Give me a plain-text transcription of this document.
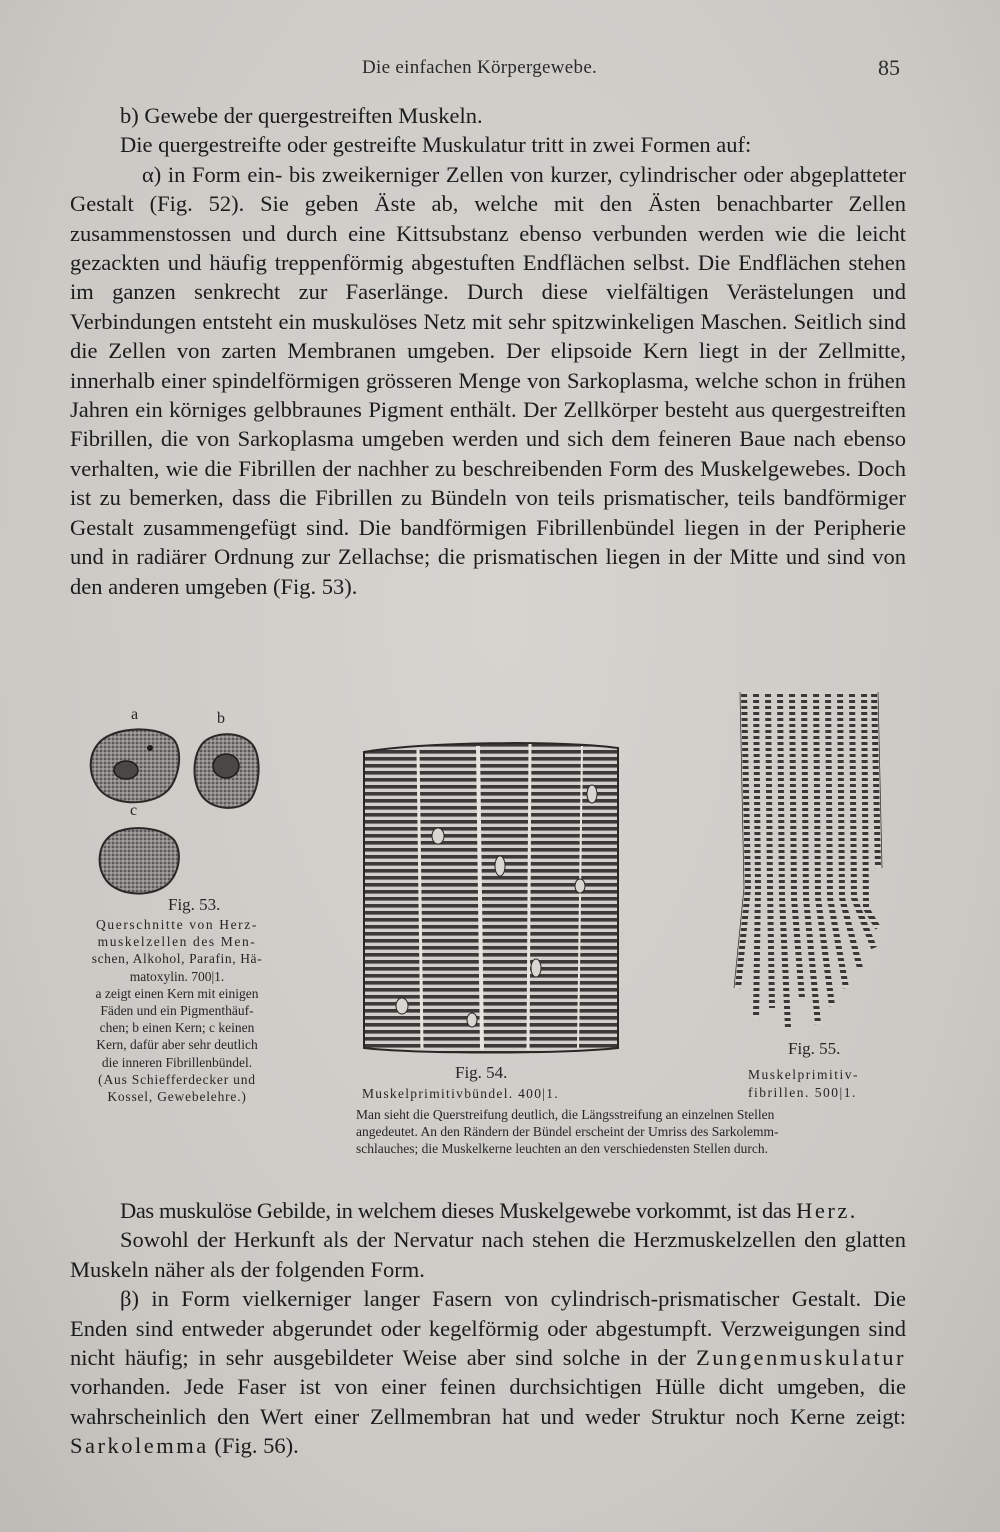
Die einfachen Körpergewebe.	85

b) Gewebe der quergestreiften Muskeln.

Die quergestreifte oder gestreifte Muskulatur tritt in zwei Formen auf:

α) in Form ein- bis zweikerniger Zellen von kurzer, cylindrischer oder abgeplatteter Gestalt (Fig. 52). Sie geben Äste ab, welche mit den Ästen benachbarter Zellen zusammenstossen und durch eine Kittsubstanz ebenso verbunden werden wie die leicht gezackten und häufig treppenförmig abgestuften Endflächen selbst. Die Endflächen stehen im ganzen senkrecht zur Faserlänge. Durch diese vielfältigen Verästelungen und Verbindungen entsteht ein muskulöses Netz mit sehr spitzwinkeligen Maschen. Seitlich sind die Zellen von zarten Membranen umgeben. Der elipsoide Kern liegt in der Zellmitte, innerhalb einer spindelförmigen grösseren Menge von Sarkoplasma, welche schon in frühen Jahren ein körniges gelbbraunes Pigment enthält. Der Zellkörper besteht aus quergestreiften Fibrillen, die von Sarkoplasma umgeben werden und sich dem feineren Baue nach ebenso verhalten, wie die Fibrillen der nachher zu beschreibenden Form des Muskelgewebes. Doch ist zu bemerken, dass die Fibrillen zu Bündeln von teils prismatischer, teils bandförmiger Gestalt zusammengefügt sind. Die bandförmigen Fibrillenbündel liegen in der Peripherie und in radiärer Ordnung zur Zellachse; die prismatischen liegen in der Mitte und sind von den anderen umgeben (Fig. 53).

a	b
c
Fig. 53.
Querschnitte von Herz-
muskelzellen des Men-
schen, Alkohol, Parafin, Hä-
matoxylin. 700|1.
a zeigt einen Kern mit einigen
Fäden und ein Pigmenthäuf-
chen; b einen Kern; c keinen
Kern, dafür aber sehr deutlich
die inneren Fibrillenbündel.
(Aus Schiefferdecker und
Kossel, Gewebelehre.)
Fig. 54.
Muskelprimitivbündel. 400|1.
Fig. 55.
Muskelprimitiv-
fibrillen. 500|1.
Man sieht die Querstreifung deutlich, die Längsstreifung an einzelnen Stellen
angedeutet. An den Rändern der Bündel erscheint der Umriss des Sarkolemm-
schlauches; die Muskelkerne leuchten an den verschiedensten Stellen durch.

Das muskulöse Gebilde, in welchem dieses Muskelgewebe vorkommt, ist das Herz.

Sowohl der Herkunft als der Nervatur nach stehen die Herzmuskelzellen den glatten Muskeln näher als der folgenden Form.

β) in Form vielkerniger langer Fasern von cylindrisch-prismatischer Gestalt. Die Enden sind entweder abgerundet oder kegelförmig oder abgestumpft. Verzweigungen sind nicht häufig; in sehr ausgebildeter Weise aber sind solche in der Zungenmuskulatur vorhanden. Jede Faser ist von einer feinen durchsichtigen Hülle dicht umgeben, die wahrscheinlich den Wert einer Zellmembran hat und weder Struktur noch Kerne zeigt: Sarkolemma (Fig. 56).
